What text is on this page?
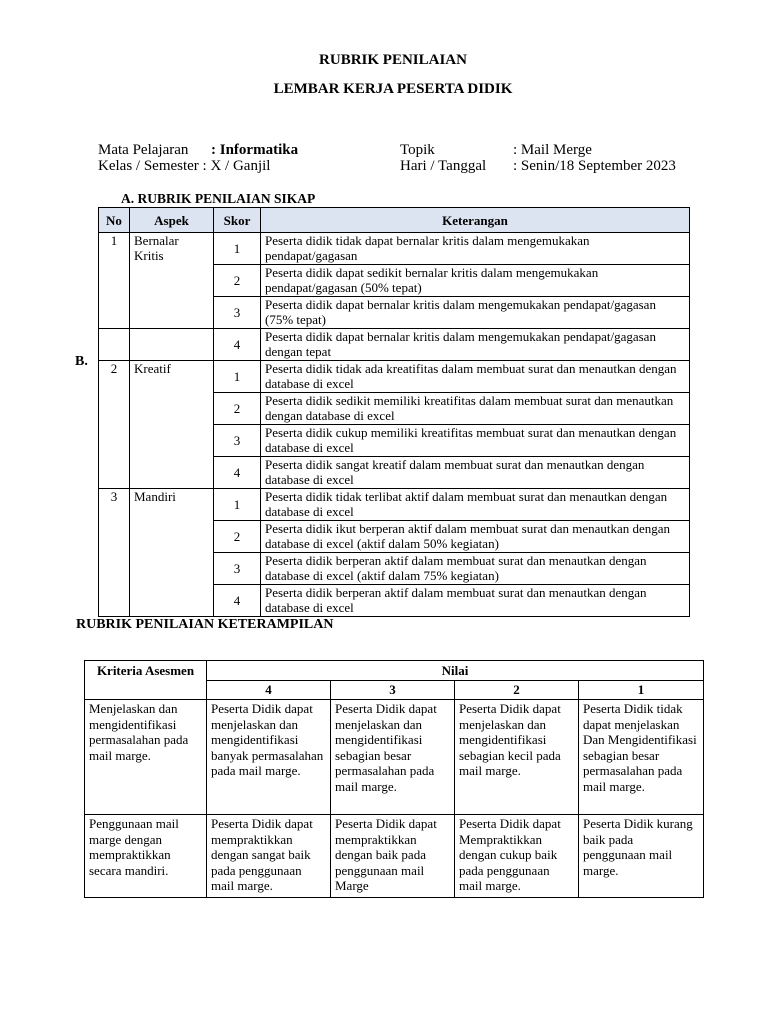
RUBRIK PENILAIAN
LEMBAR KERJA PESERTA DIDIK
Mata Pelajaran : Informatika
Kelas / Semester : X / Ganjil
Topik	: Mail Merge
Hari / Tanggal : Senin/18 September 2023
A. RUBRIK PENILAIAN SIKAP
B.
No	Aspek	Skor	Keterangan
1	Bernalar Kritis	1	Peserta didik tidak dapat bernalar kritis dalam mengemukakan pendapat/gagasan
		2	Peserta didik dapat sedikit bernalar kritis dalam mengemukakan pendapat/gagasan (50% tepat)
		3	Peserta didik dapat bernalar kritis dalam mengemukakan pendapat/gagasan (75% tepat)
		4	Peserta didik dapat bernalar kritis dalam mengemukakan pendapat/gagasan dengan tepat
2	Kreatif	1	Peserta didik tidak ada kreatifitas dalam membuat surat dan menautkan dengan database di excel
		2	Peserta didik sedikit memiliki kreatifitas dalam membuat surat dan menautkan dengan database di excel
		3	Peserta didik cukup memiliki kreatifitas membuat surat dan menautkan dengan database di excel
		4	Peserta didik sangat kreatif dalam membuat surat dan menautkan dengan database di excel
3	Mandiri	1	Peserta didik tidak terlibat aktif dalam membuat surat dan menautkan dengan database di excel
		2	Peserta didik ikut berperan aktif dalam membuat surat dan menautkan dengan database di excel (aktif dalam 50% kegiatan)
		3	Peserta didik berperan aktif dalam membuat surat dan menautkan dengan database di excel (aktif dalam 75% kegiatan)
		4	Peserta didik berperan aktif dalam membuat surat dan menautkan dengan database di excel
RUBRIK PENILAIAN KETERAMPILAN
Kriteria Asesmen	Nilai			
	4	3	2	1
Menjelaskan dan mengidentifikasi permasalahan pada mail marge.	Peserta Didik dapat menjelaskan dan mengidentifikasi banyak permasalahan pada mail marge.	Peserta Didik dapat menjelaskan dan mengidentifikasi sebagian besar permasalahan pada mail marge.	Peserta Didik dapat menjelaskan dan mengidentifikasi sebagian kecil pada mail marge.	Peserta Didik tidak dapat menjelaskan Dan Mengidentifikasi sebagian besar permasalahan pada mail marge.
Penggunaan mail marge dengan mempraktikkan secara mandiri.	Peserta Didik dapat mempraktikkan dengan sangat baik pada penggunaan mail marge.	Peserta Didik dapat mempraktikkan dengan baik pada penggunaan mail Marge	Peserta Didik dapat Mempraktikkan dengan cukup baik pada penggunaan mail marge.	Peserta Didik kurang baik pada penggunaan mail marge.
